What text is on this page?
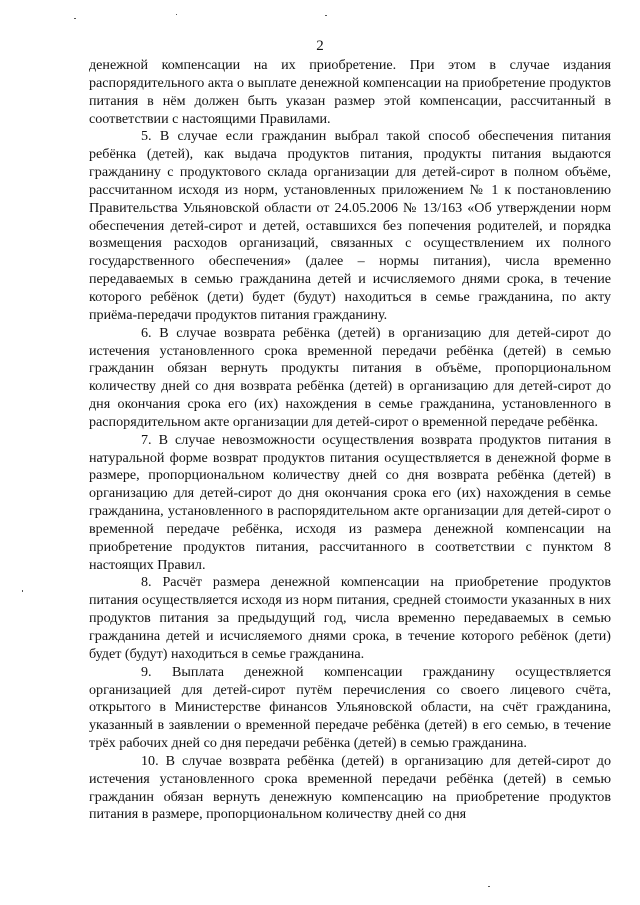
2

денежной компенсации на их приобретение. При этом в случае издания распорядительного акта о выплате денежной компенсации на приобретение продуктов питания в нём должен быть указан размер этой компенсации, рассчитанный в соответствии с настоящими Правилами.

5. В случае если гражданин выбрал такой способ обеспечения питания ребёнка (детей), как выдача продуктов питания, продукты питания выдаются гражданину с продуктового склада организации для детей-сирот в полном объёме, рассчитанном исходя из норм, установленных приложением № 1 к постановлению Правительства Ульяновской области от 24.05.2006 № 13/163 «Об утверждении норм обеспечения детей-сирот и детей, оставшихся без попечения родителей, и порядка возмещения расходов организаций, связанных с осуществлением их полного государственного обеспечения» (далее – нормы питания), числа временно передаваемых в семью гражданина детей и исчисляемого днями срока, в течение которого ребёнок (дети) будет (будут) находиться в семье гражданина, по акту приёма-передачи продуктов питания гражданину.

6. В случае возврата ребёнка (детей) в организацию для детей-сирот до истечения установленного срока временной передачи ребёнка (детей) в семью гражданин обязан вернуть продукты питания в объёме, пропорциональном количеству дней со дня возврата ребёнка (детей) в организацию для детей-сирот до дня окончания срока его (их) нахождения в семье гражданина, установленного в распорядительном акте организации для детей-сирот о временной передаче ребёнка.

7. В случае невозможности осуществления возврата продуктов питания в натуральной форме возврат продуктов питания осуществляется в денежной форме в размере, пропорциональном количеству дней со дня возврата ребёнка (детей) в организацию для детей-сирот до дня окончания срока его (их) нахождения в семье гражданина, установленного в распорядительном акте организации для детей-сирот о временной передаче ребёнка, исходя из размера денежной компенсации на приобретение продуктов питания, рассчитанного в соответствии с пунктом 8 настоящих Правил.

8. Расчёт размера денежной компенсации на приобретение продуктов питания осуществляется исходя из норм питания, средней стоимости указанных в них продуктов питания за предыдущий год, числа временно передаваемых в семью гражданина детей и исчисляемого днями срока, в течение которого ребёнок (дети) будет (будут) находиться в семье гражданина.

9. Выплата денежной компенсации гражданину осуществляется организацией для детей-сирот путём перечисления со своего лицевого счёта, открытого в Министерстве финансов Ульяновской области, на счёт гражданина, указанный в заявлении о временной передаче ребёнка (детей) в его семью, в течение трёх рабочих дней со дня передачи ребёнка (детей) в семью гражданина.

10. В случае возврата ребёнка (детей) в организацию для детей-сирот до истечения установленного срока временной передачи ребёнка (детей) в семью гражданин обязан вернуть денежную компенсацию на приобретение продуктов питания в размере, пропорциональном количеству дней со дня
